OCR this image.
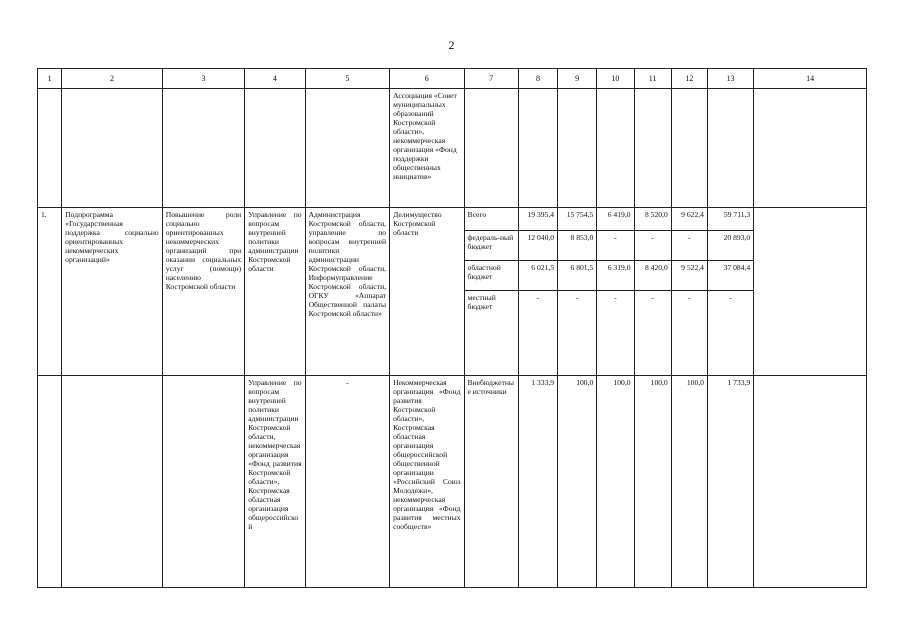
2
1	2	3	4	5	6	7	8	9	10	11	12	13	14
					Ассоциация «Совет муниципальных образований Костромской области», некоммерческая организация «Фонд поддержки общественных инициатив»								
1.	Подпрограмма «Государственная поддержка социально ориентированных некоммерческих организаций»	Повышение роли социально ориентированных некоммерческих организаций при оказании социальных услуг (помощи) населению Костромской области	Управление по вопросам внутренней политики администрации Костромской области	Администрация Костромской области, управление по вопросам внутренней политики администрации Костромской области, Информуправление Костромской области, ОГКУ «Аппарат Общественной палаты Костромской области»	Делимущество Костромской области	Всего	19 395,4	15 754,5	6 419,0	8 520,0	9 622,4	59 711,3	
						федераль-ный бюджет	12 040,0	8 853,0	-	-	-	20 893,0	
						областной бюджет	6 021,5	6 801,5	6 319,0	8 420,0	9 522,4	37 084,4	
						местный бюджет	-	-	-	-	-	-	
			Управление по вопросам внутренней политики администрации Костромской области, некоммерческая организация «Фонд развития Костромской области», Костромская областная организация общероссийской	-	Некоммерческая организация «Фонд развития Костромской области», Костромская областная организация общероссийской общественной организации «Российский Союз Молодежи», некоммерческая организация «Фонд развития местных сообществ»	Внебюджетные источники	1 333,9	100,0	100,0	100,0	100,0	1 733,9	
